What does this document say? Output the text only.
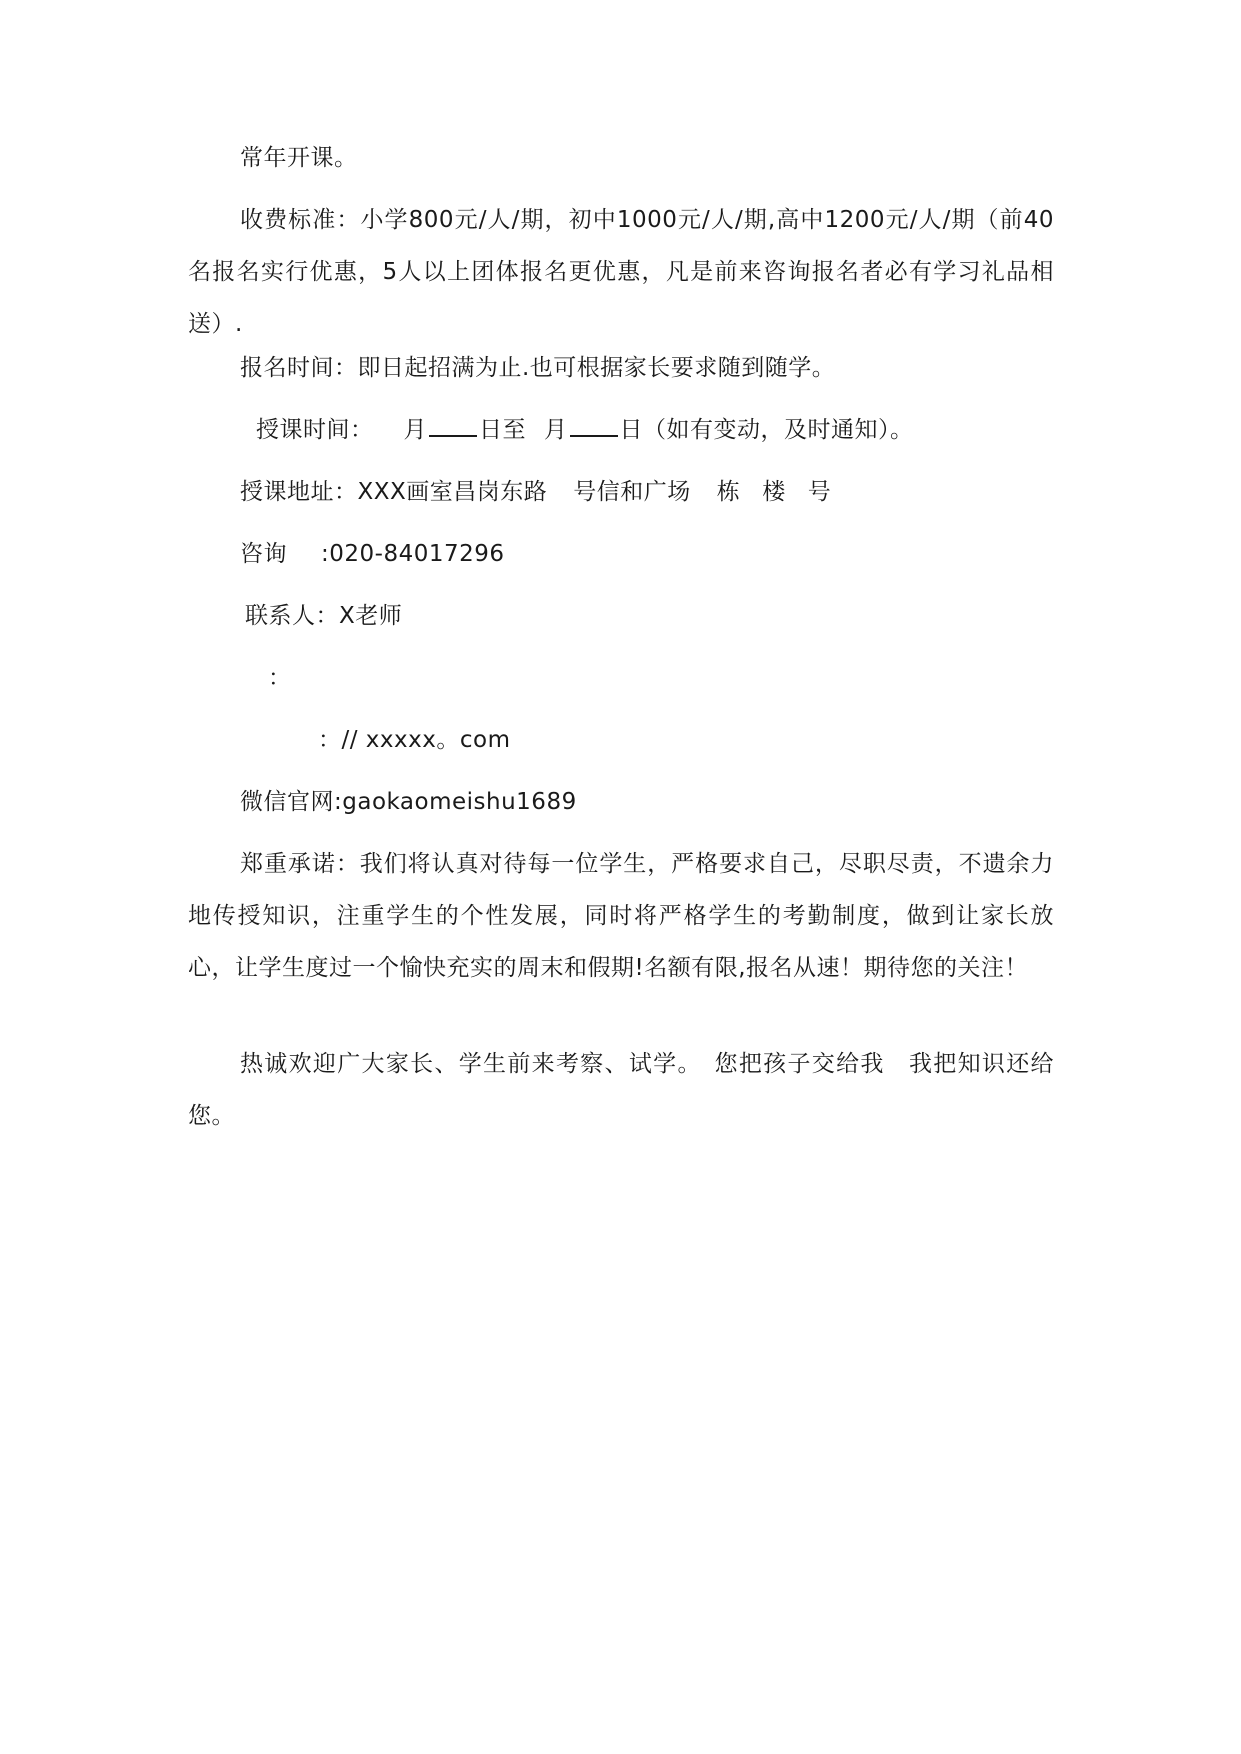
常年开课。
收费标准：小学800元/人/期，初中1000元/人/期,高中1200元/人/期（前40名报名实行优惠，5人以上团体报名更优惠，凡是前来咨询报名者必有学习礼品相送）.
报名时间：即日起招满为止.也可根据家长要求随到随学。
授课时间： 月 日至 月 日（如有变动，及时通知）。
授课地址：XXX画室昌岗东路 号信和广场 栋 楼 号
咨询 :020-84017296
联系人：X老师
：
：// xxxxx。com
微信官网:gaokaomeishu1689
郑重承诺：我们将认真对待每一位学生，严格要求自己，尽职尽责，不遗余力地传授知识，注重学生的个性发展，同时将严格学生的考勤制度，做到让家长放心，让学生度过一个愉快充实的周末和假期!名额有限,报名从速！期待您的关注！
热诚欢迎广大家长、学生前来考察、试学。　您把孩子交给我　我把知识还给您。
